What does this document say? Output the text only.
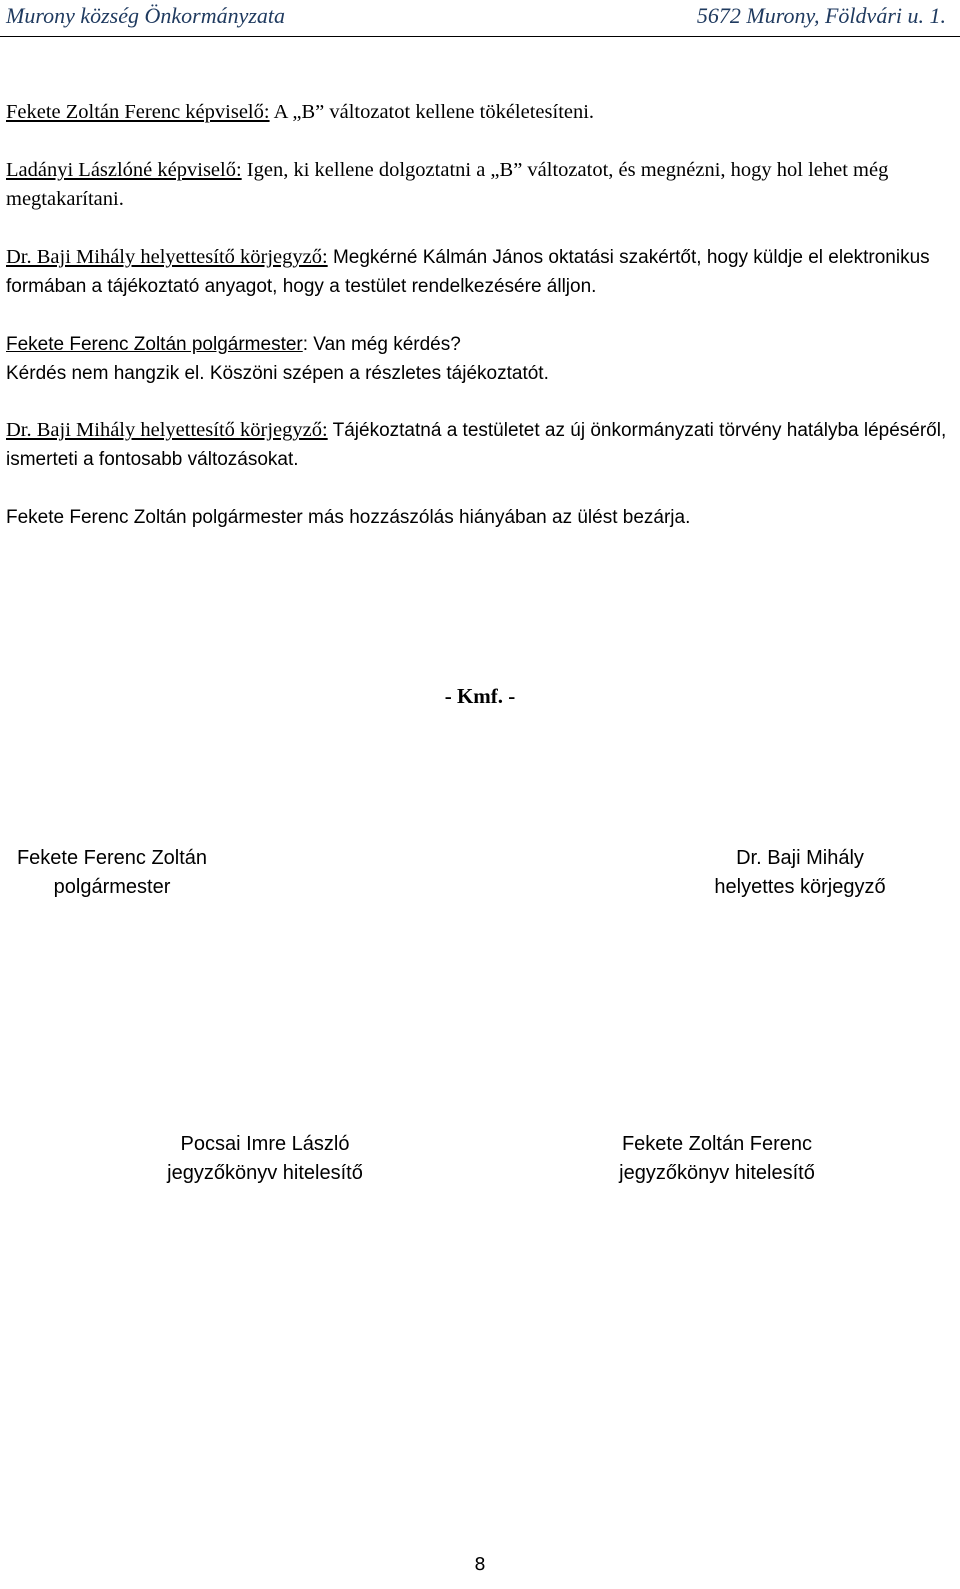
Murony község Önkormányzata	5672 Murony, Földvári u. 1.
Fekete Zoltán Ferenc képviselő: A „B” változatot kellene tökéletesíteni.
Ladányi Lászlóné képviselő: Igen, ki kellene dolgoztatni a „B” változatot, és megnézni, hogy hol lehet még megtakarítani.
Dr. Baji Mihály helyettesítő körjegyző: Megkérné Kálmán János oktatási szakértőt, hogy küldje el elektronikus formában a tájékoztató anyagot, hogy a testület rendelkezésére álljon.
Fekete Ferenc Zoltán polgármester: Van még kérdés?
Kérdés nem hangzik el. Köszöni szépen a részletes tájékoztatót.
Dr. Baji Mihály helyettesítő körjegyző: Tájékoztatná a testületet az új önkormányzati törvény hatályba lépéséről, ismerteti a fontosabb változásokat.
Fekete Ferenc Zoltán polgármester más hozzászólás hiányában az ülést bezárja.
- Kmf. -
Fekete Ferenc Zoltán
polgármester
Dr. Baji Mihály
helyettes körjegyző
Pocsai Imre László
jegyzőkönyv hitelesítő
Fekete Zoltán Ferenc
jegyzőkönyv hitelesítő
8
